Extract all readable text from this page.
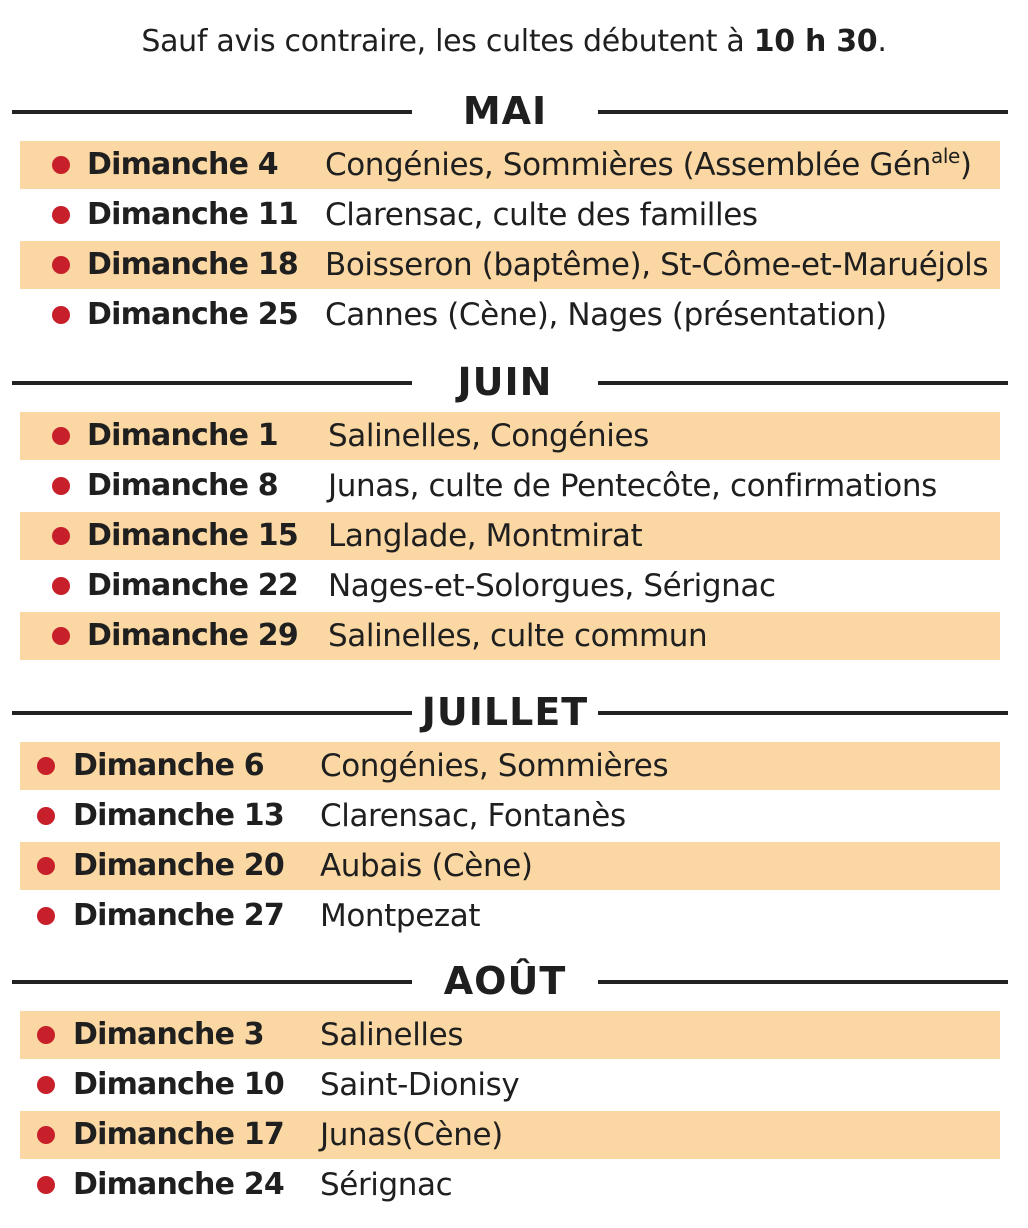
Sauf avis contraire, les cultes débutent à 10 h 30.
MAI
Dimanche 4 Congénies, Sommières (Assemblée Gén$^{ale}$)
Dimanche 11 Clarensac, culte des familles
Dimanche 18 Boisseron (baptême), St-Côme-et-Maruéjols
Dimanche 25 Cannes (Cène), Nages (présentation)
JUIN
Dimanche 1 Salinelles, Congénies
Dimanche 8 Junas, culte de Pentecôte, confirmations
Dimanche 15 Langlade, Montmirat
Dimanche 22 Nages-et-Solorgues, Sérignac
Dimanche 29 Salinelles, culte commun
JUILLET
Dimanche 6 Congénies, Sommières
Dimanche 13 Clarensac, Fontanès
Dimanche 20 Aubais (Cène)
Dimanche 27 Montpezat
AOÛT
Dimanche 3 Salinelles
Dimanche 10 Saint-Dionisy
Dimanche 17 Junas(Cène)
Dimanche 24 Sérignac
